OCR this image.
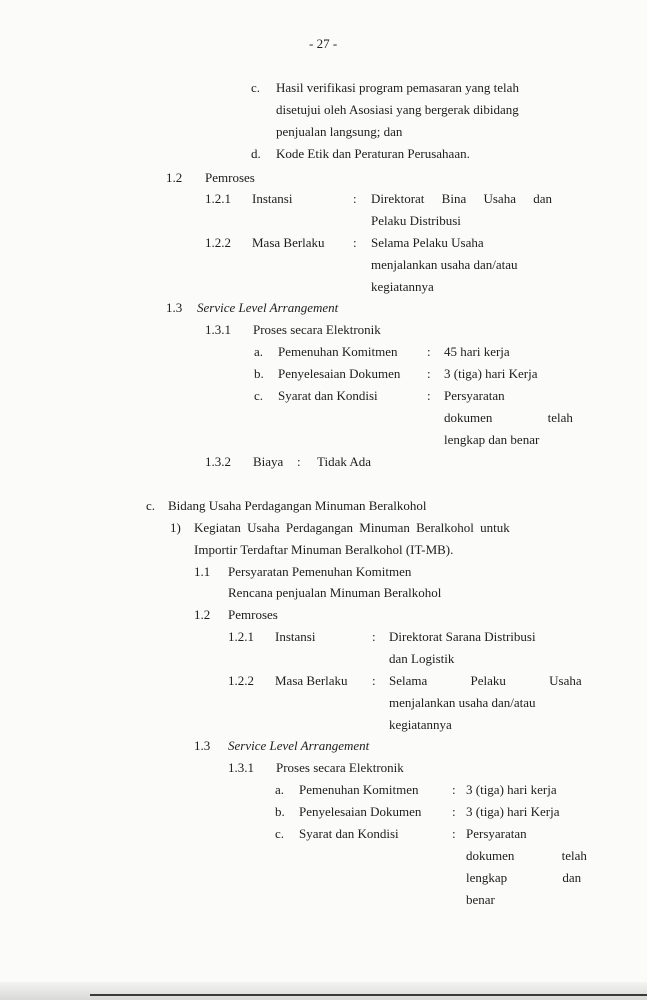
- 27 -
c. Hasil verifikasi program pemasaran yang telah
disetujui oleh Asosiasi yang bergerak dibidang
penjualan langsung; dan
d. Kode Etik dan Peraturan Perusahaan.
1.2 Pemroses
1.2.1 Instansi	: Direktorat Bina Usaha dan
Pelaku Distribusi
1.2.2 Masa Berlaku : Selama Pelaku Usaha
menjalankan usaha dan/atau
kegiatannya
1.3 Service Level Arrangement
1.3.1 Proses secara Elektronik
a. Pemenuhan Komitmen : 45 hari kerja
b. Penyelesaian Dokumen : 3 (tiga) hari Kerja
c. Syarat dan Kondisi	: Persyaratan
dokumen telah
lengkap dan benar
1.3.2 Biaya : Tidak Ada
c. Bidang Usaha Perdagangan Minuman Beralkohol
1) Kegiatan Usaha Perdagangan Minuman Beralkohol untuk
Importir Terdaftar Minuman Beralkohol (IT-MB).
1.1 Persyaratan Pemenuhan Komitmen
Rencana penjualan Minuman Beralkohol
1.2 Pemroses
1.2.1 Instansi	: Direktorat Sarana Distribusi
dan Logistik
1.2.2 Masa Berlaku : Selama Pelaku Usaha
menjalankan usaha dan/atau
kegiatannya
1.3 Service Level Arrangement
1.3.1 Proses secara Elektronik
a. Pemenuhan Komitmen	: 3 (tiga) hari kerja
b. Penyelesaian Dokumen : 3 (tiga) hari Kerja
c. Syarat dan Kondisi	: Persyaratan
dokumen telah
lengkap dan
benar
